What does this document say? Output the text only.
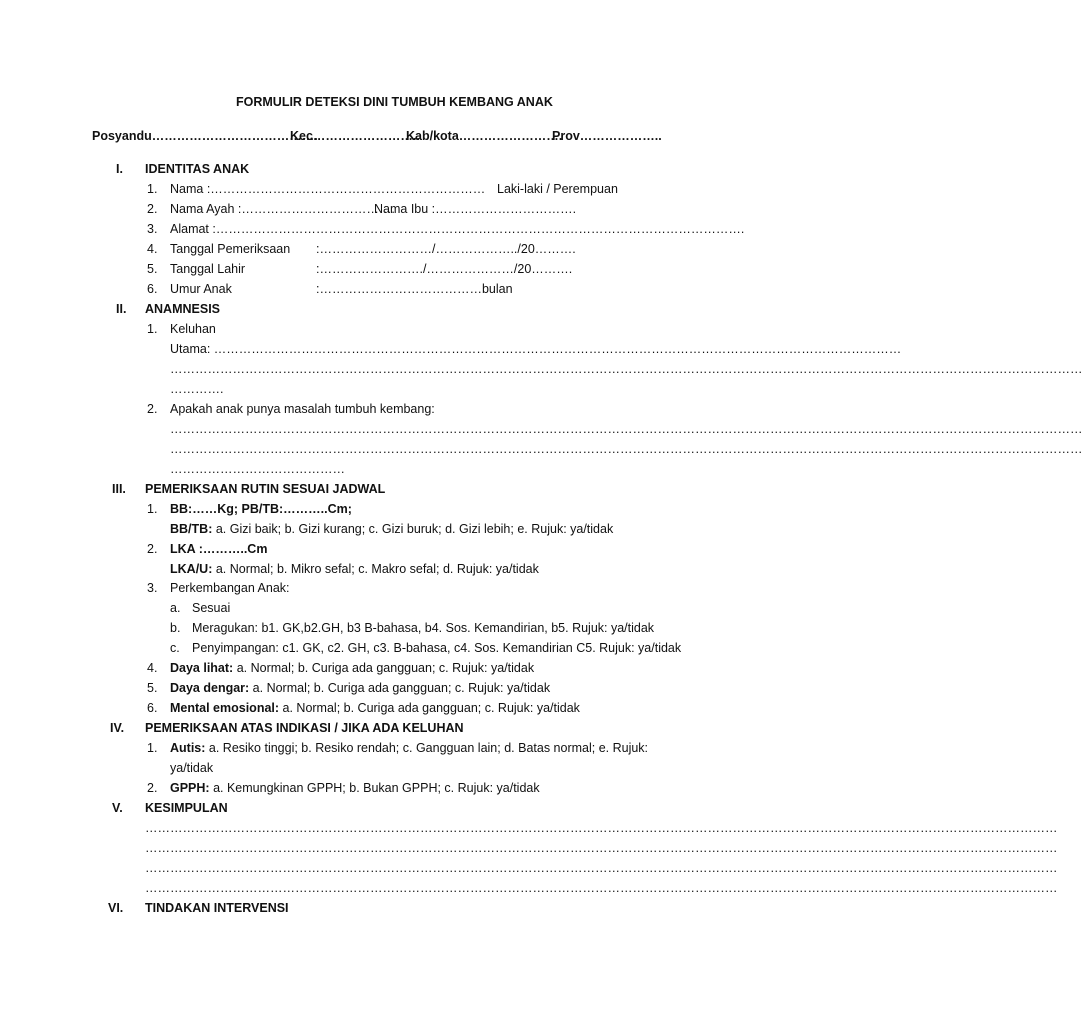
FORMULIR DETEKSI DINI TUMBUH KEMBANG ANAK
Posyandu………………………………….
Kec……………………..
Kab/kota…………………….
Prov………………..
I. IDENTITAS ANAK
1. Nama :………………………………………………………… Laki-laki / Perempuan
2. Nama Ayah :……………………………….
Nama Ibu :…………………………….
3. Alamat :……………………………………………………………………………………………………………….
4. Tanggal Pemeriksaan :………………………/………………../20……….
5. Tanggal Lahir	:……………………./…………………/20……….
6. Umur Anak	:…………………………………bulan
II. ANAMNESIS
1. Keluhan
Utama: …………………………………………………………………………………………………………………………………………………
…………………………………………………………………………………………………………………………………………………………………………………………………
………….
2. Apakah anak punya masalah tumbuh kembang:
…………………………………………………………………………………………………………………………………………………………………………………………………
…………………………………………………………………………………………………………………………………………………………………………………………………
……………………………………
III. PEMERIKSAAN RUTIN SESUAI JADWAL
1. BB:……Kg; PB/TB:………..Cm;
BB/TB: a. Gizi baik; b. Gizi kurang; c. Gizi buruk; d. Gizi lebih; e. Rujuk: ya/tidak
2. LKA :………..Cm
LKA/U: a. Normal; b. Mikro sefal; c. Makro sefal; d. Rujuk: ya/tidak
3. Perkembangan Anak:
a. Sesuai
b. Meragukan: b1. GK,b2.GH, b3 B-bahasa, b4. Sos. Kemandirian, b5. Rujuk: ya/tidak
c. Penyimpangan: c1. GK, c2. GH, c3. B-bahasa, c4. Sos. Kemandirian C5. Rujuk: ya/tidak
4. Daya lihat: a. Normal; b. Curiga ada gangguan; c. Rujuk: ya/tidak
5. Daya dengar: a. Normal; b. Curiga ada gangguan; c. Rujuk: ya/tidak
6. Mental emosional: a. Normal; b. Curiga ada gangguan; c. Rujuk: ya/tidak
IV. PEMERIKSAAN ATAS INDIKASI / JIKA ADA KELUHAN
1. Autis: a. Resiko tinggi; b. Resiko rendah; c. Gangguan lain; d. Batas normal; e. Rujuk:
ya/tidak
2. GPPH: a. Kemungkinan GPPH; b. Bukan GPPH; c. Rujuk: ya/tidak
V. KESIMPULAN
…………………………………………………………………………………………………………………………………………………………………………………………………
…………………………………………………………………………………………………………………………………………………………………………………………………
…………………………………………………………………………………………………………………………………………………………………………………………………
…………………………………………………………………………………………………………………………………………………………………………………………………
VI. TINDAKAN INTERVENSI
